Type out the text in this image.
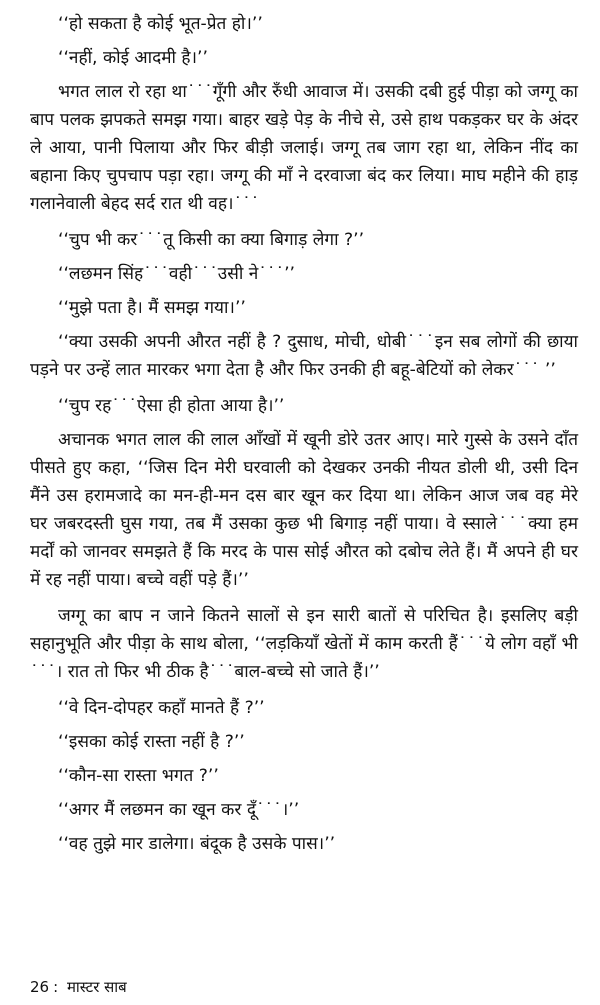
‘‘हो सकता है कोई भूत-प्रेत हो।’’

‘‘नहीं, कोई आदमी है।’’

भगत लाल रो रहा था˙˙˙गूँगी और रुँधी आवाज में। उसकी दबी हुई पीड़ा को जग्गू का बाप पलक झपकते समझ गया। बाहर खड़े पेड़ के नीचे से, उसे हाथ पकड़कर घर के अंदर ले आया, पानी पिलाया और फिर बीड़ी जलाई। जग्गू तब जाग रहा था, लेकिन नींद का बहाना किए चुपचाप पड़ा रहा। जग्गू की माँ ने दरवाजा बंद कर लिया। माघ महीने की हाड़ गलानेवाली बेहद सर्द रात थी वह।˙˙˙

‘‘चुप भी कर˙˙˙तू किसी का क्या बिगाड़ लेगा ?’’

‘‘लछमन सिंह˙˙˙वही˙˙˙उसी ने˙˙˙’’

‘‘मुझे पता है। मैं समझ गया।’’

‘‘क्या उसकी अपनी औरत नहीं है ? दुसाध, मोची, धोबी˙˙˙इन सब लोगों की छाया पड़ने पर उन्हें लात मारकर भगा देता है और फिर उनकी ही बहू-बेटियों को लेकर˙˙˙ ’’

‘‘चुप रह˙˙˙ऐसा ही होता आया है।’’

अचानक भगत लाल की लाल आँखों में खूनी डोरे उतर आए। मारे गुस्से के उसने दाँत पीसते हुए कहा, ‘‘जिस दिन मेरी घरवाली को देखकर उनकी नीयत डोली थी, उसी दिन मैंने उस हरामजादे का मन-ही-मन दस बार खून कर दिया था। लेकिन आज जब वह मेरे घर जबरदस्ती घुस गया, तब मैं उसका कुछ भी बिगाड़ नहीं पाया। वे स्साले˙˙˙क्या हम मर्दों को जानवर समझते हैं कि मरद के पास सोई औरत को दबोच लेते हैं। मैं अपने ही घर में रह नहीं पाया। बच्चे वहीं पड़े हैं।’’

जग्गू का बाप न जाने कितने सालों से इन सारी बातों से परिचित है। इसलिए बड़ी सहानुभूति और पीड़ा के साथ बोला, ‘‘लड़कियाँ खेतों में काम करती हैं˙˙˙ये लोग वहाँ भी ˙˙˙। रात तो फिर भी ठीक है˙˙˙बाल-बच्चे सो जाते हैं।’’

‘‘वे दिन-दोपहर कहाँ मानते हैं ?’’

‘‘इसका कोई रास्ता नहीं है ?’’

‘‘कौन-सा रास्ता भगत ?’’

‘‘अगर मैं लछमन का खून कर दूँ˙˙˙।’’

‘‘वह तुझे मार डालेगा। बंदूक है उसके पास।’’

26 : मास्टर साब
